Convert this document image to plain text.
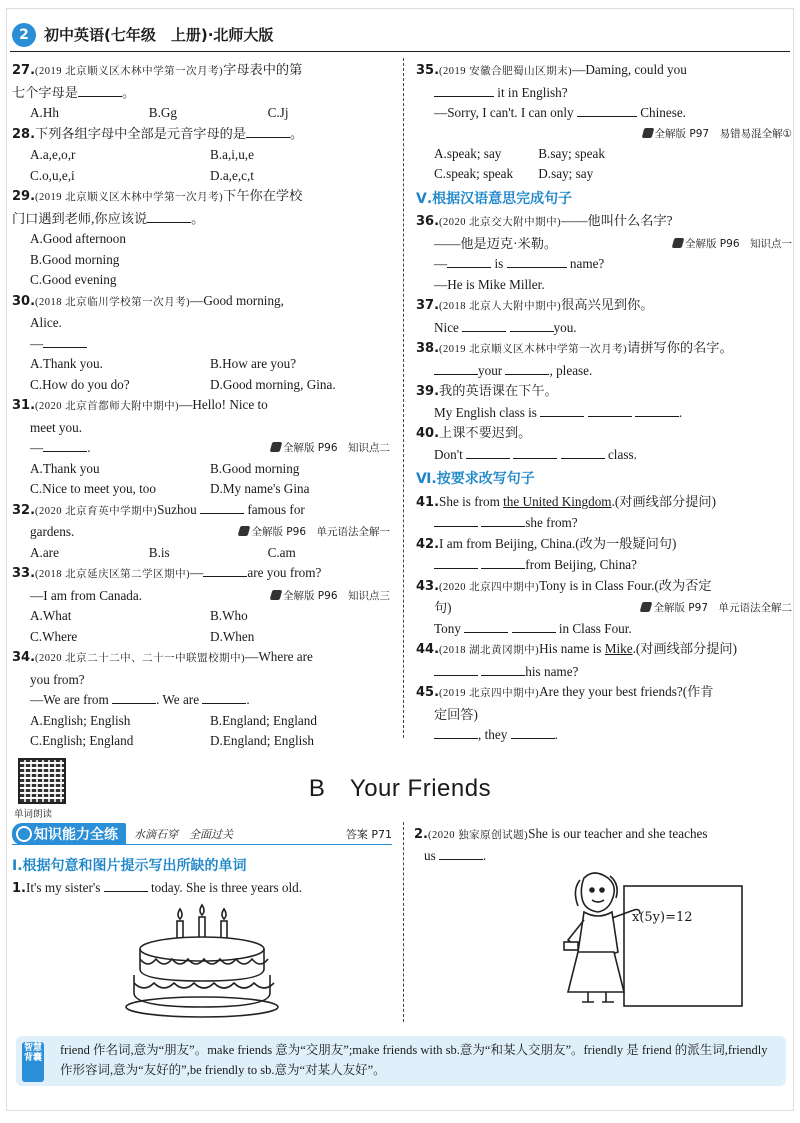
2	初中英语(七年级　上册)·北师大版
27.(2019 北京顺义区木林中学第一次月考)字母表中的第
七个字母是	。
A.Hh	B.Gg	C.Jj
28.下列各组字母中全部是元音字母的是	。
A.a,e,o,r	B.a,i,u,e
C.o,u,e,i	D.a,e,c,t
29.(2019 北京顺义区木林中学第一次月考)下午你在学校
门口遇到老师,你应该说	。
A.Good afternoon
B.Good morning
C.Good evening
30.(2018 北京临川学校第一次月考)—Good morning,
Alice.
—
A.Thank you.	B.How are you?
C.How do you do?	D.Good morning, Gina.
31.(2020 北京首都师大附中期中)—Hello! Nice to
meet you.
—	.	全解版 P96　知识点二
A.Thank you	B.Good morning
C.Nice to meet you, too	D.My name's Gina
32.(2020 北京育英中学期中)Suzhou	famous for
gardens.	全解版 P96　单元语法全解一
A.are	B.is	C.am
33.(2018 北京延庆区第二学区期中)—	are you from?
—I am from Canada.	全解版 P96　知识点三
A.What	B.Who
C.Where	D.When
34.(2020 北京二十二中、二十一中联盟校期中)—Where are
you from?
—We are from	. We are	.
A.English; English	B.England; England
C.English; England	D.England; English
35.(2019 安徽合肥蜀山区期末)—Daming, could you
it in English?
—Sorry, I can't. I can only	Chinese.
全解版 P97　易错易混全解①
A.speak; say	B.say; speak
C.speak; speak	D.say; say
Ⅴ.根据汉语意思完成句子
36.(2020 北京交大附中期中)——他叫什么名字?
——他是迈克·米勒。	全解版 P96　知识点一
—	is	name?
—He is Mike Miller.
37.(2018 北京人大附中期中)很高兴见到你。
Nice	you.
38.(2019 北京顺义区木林中学第一次月考)请拼写你的名字。
your	, please.
39.我的英语课在下午。
My English class is	.
40.上课不要迟到。
Don't	class.
Ⅵ.按要求改写句子
41.She is from the United Kingdom.(对画线部分提问)
she from?
42.I am from Beijing, China.(改为一般疑问句)
from Beijing, China?
43.(2020 北京四中期中)Tony is in Class Four.(改为否定
句)	全解版 P97　单元语法全解二
Tony	in Class Four.
44.(2018 湖北黄冈期中)His name is Mike.(对画线部分提问)
his name?
45.(2019 北京四中期中)Are they your best friends?(作肯
定回答)
, they	.
单词朗读
B　Your Friends
知识能力全练	水滴石穿　全面过关	答案 P71
Ⅰ.根据句意和图片提示写出所缺的单词
1.It's my sister's	today. She is three years old.
2.(2020 独家原创试题)She is our teacher and she teaches
us	.
x(5y)=12
智慧背囊
friend 作名词,意为“朋友”。make friends 意为“交朋友”;make friends with sb.意为“和某人交朋友”。friendly 是 friend 的派生词,friendly 作形容词,意为“友好的”,be friendly to sb.意为“对某人友好”。
